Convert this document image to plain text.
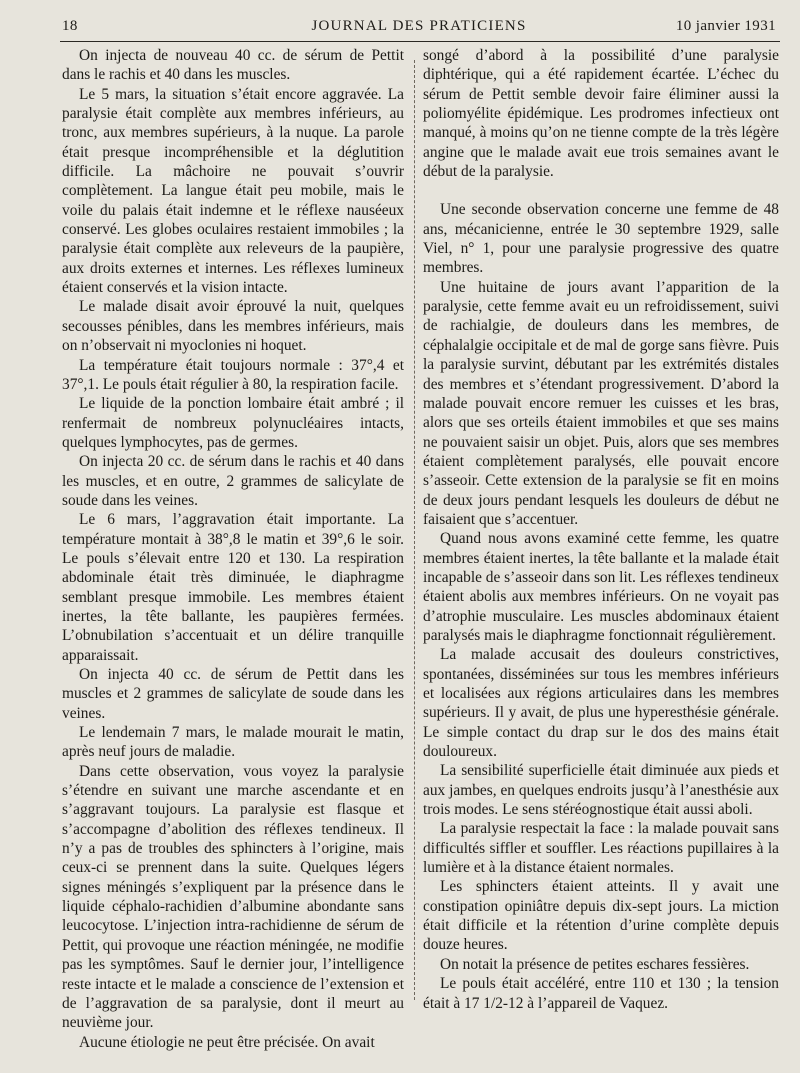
18	JOURNAL DES PRATICIENS	10 janvier 1931

On injecta de nouveau 40 cc. de sérum de Pettit dans le rachis et 40 dans les muscles.

Le 5 mars, la situation s’était encore aggravée. La paralysie était complète aux membres inférieurs, au tronc, aux membres supérieurs, à la nuque. La parole était presque incompréhensible et la déglutition difficile. La mâchoire ne pouvait s’ouvrir complètement. La langue était peu mobile, mais le voile du palais était indemne et le réflexe nauséeux conservé. Les globes oculaires restaient immobiles ; la paralysie était complète aux releveurs de la paupière, aux droits externes et internes. Les réflexes lumineux étaient conservés et la vision intacte.

Le malade disait avoir éprouvé la nuit, quelques secousses pénibles, dans les membres inférieurs, mais on n’observait ni myoclonies ni hoquet.

La température était toujours normale : 37°,4 et 37°,1. Le pouls était régulier à 80, la respiration facile.

Le liquide de la ponction lombaire était ambré ; il renfermait de nombreux polynucléaires intacts, quelques lymphocytes, pas de germes.

On injecta 20 cc. de sérum dans le rachis et 40 dans les muscles, et en outre, 2 grammes de salicylate de soude dans les veines.

Le 6 mars, l’aggravation était importante. La température montait à 38°,8 le matin et 39°,6 le soir. Le pouls s’élevait entre 120 et 130. La respiration abdominale était très diminuée, le diaphragme semblant presque immobile. Les membres étaient inertes, la tête ballante, les paupières fermées. L’obnubilation s’accentuait et un délire tranquille apparaissait.

On injecta 40 cc. de sérum de Pettit dans les muscles et 2 grammes de salicylate de soude dans les veines.

Le lendemain 7 mars, le malade mourait le matin, après neuf jours de maladie.

Dans cette observation, vous voyez la paralysie s’étendre en suivant une marche ascendante et en s’aggravant toujours. La paralysie est flasque et s’accompagne d’abolition des réflexes tendineux. Il n’y a pas de troubles des sphincters à l’origine, mais ceux-ci se prennent dans la suite. Quelques légers signes méningés s’expliquent par la présence dans le liquide céphalo-rachidien d’albumine abondante sans leucocytose. L’injection intra-rachidienne de sérum de Pettit, qui provoque une réaction méningée, ne modifie pas les symptômes. Sauf le dernier jour, l’intelligence reste intacte et le malade a conscience de l’extension et de l’aggravation de sa paralysie, dont il meurt au neuvième jour.

Aucune étiologie ne peut être précisée. On avait

songé d’abord à la possibilité d’une paralysie diphtérique, qui a été rapidement écartée. L’échec du sérum de Pettit semble devoir faire éliminer aussi la poliomyélite épidémique. Les prodromes infectieux ont manqué, à moins qu’on ne tienne compte de la très légère angine que le malade avait eue trois semaines avant le début de la paralysie.

Une seconde observation concerne une femme de 48 ans, mécanicienne, entrée le 30 septembre 1929, salle Viel, n° 1, pour une paralysie progressive des quatre membres.

Une huitaine de jours avant l’apparition de la paralysie, cette femme avait eu un refroidissement, suivi de rachialgie, de douleurs dans les membres, de céphalalgie occipitale et de mal de gorge sans fièvre. Puis la paralysie survint, débutant par les extrémités distales des membres et s’étendant progressivement. D’abord la malade pouvait encore remuer les cuisses et les bras, alors que ses orteils étaient immobiles et que ses mains ne pouvaient saisir un objet. Puis, alors que ses membres étaient complètement paralysés, elle pouvait encore s’asseoir. Cette extension de la paralysie se fit en moins de deux jours pendant lesquels les douleurs de début ne faisaient que s’accentuer.

Quand nous avons examiné cette femme, les quatre membres étaient inertes, la tête ballante et la malade était incapable de s’asseoir dans son lit. Les réflexes tendineux étaient abolis aux membres inférieurs. On ne voyait pas d’atrophie musculaire. Les muscles abdominaux étaient paralysés mais le diaphragme fonctionnait régulièrement.

La malade accusait des douleurs constrictives, spontanées, disséminées sur tous les membres inférieurs et localisées aux régions articulaires dans les membres supérieurs. Il y avait, de plus une hyperesthésie générale. Le simple contact du drap sur le dos des mains était douloureux.

La sensibilité superficielle était diminuée aux pieds et aux jambes, en quelques endroits jusqu’à l’anesthésie aux trois modes. Le sens stéréognostique était aussi aboli.

La paralysie respectait la face : la malade pouvait sans difficultés siffler et souffler. Les réactions pupillaires à la lumière et à la distance étaient normales.

Les sphincters étaient atteints. Il y avait une constipation opiniâtre depuis dix-sept jours. La miction était difficile et la rétention d’urine complète depuis douze heures.

On notait la présence de petites eschares fessières.

Le pouls était accéléré, entre 110 et 130 ; la tension était à 17 1/2-12 à l’appareil de Vaquez.
